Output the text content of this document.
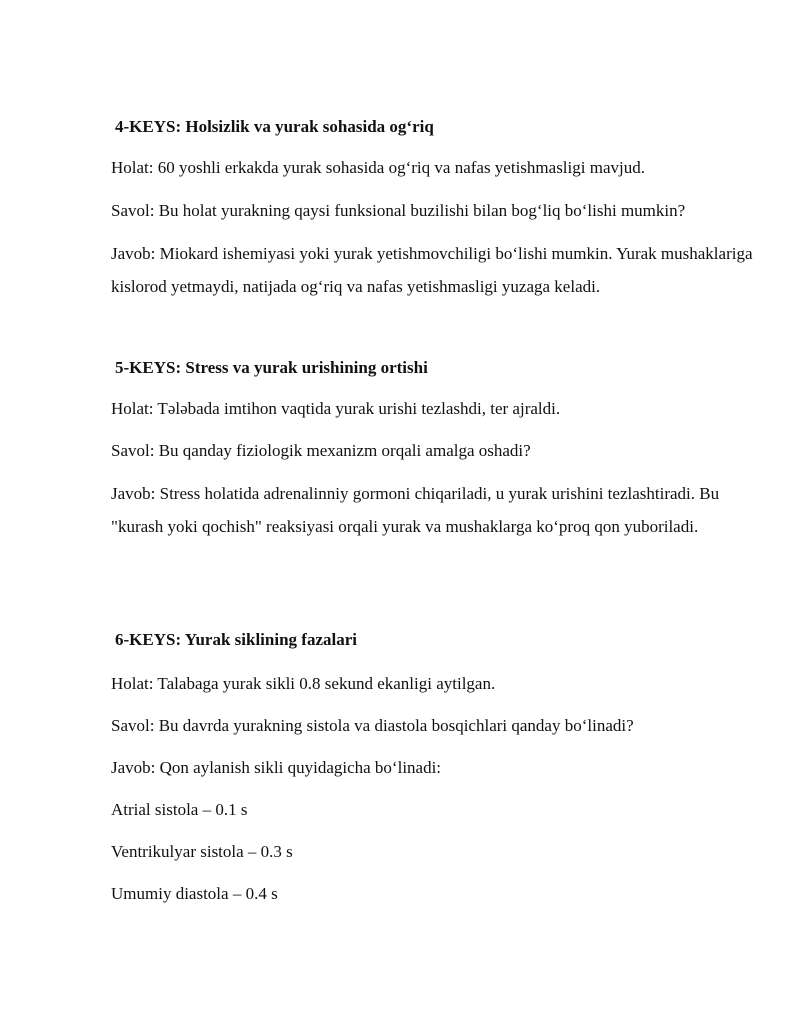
4-KEYS: Holsizlik va yurak sohasida og‘riq
Holat: 60 yoshli erkakda yurak sohasida og‘riq va nafas yetishmasligi mavjud.
Savol: Bu holat yurakning qaysi funksional buzilishi bilan bog‘liq bo‘lishi mumkin?
Javob: Miokard ishemiyasi yoki yurak yetishmovchiligi bo‘lishi mumkin. Yurak mushaklariga kislorod yetmaydi, natijada og‘riq va nafas yetishmasligi yuzaga keladi.
5-KEYS: Stress va yurak urishining ortishi
Holat: Tələbada imtihon vaqtida yurak urishi tezlashdi, ter ajraldi.
Savol: Bu qanday fiziologik mexanizm orqali amalga oshadi?
Javob: Stress holatida adrenalinniy gormoni chiqariladi, u yurak urishini tezlashtiradi. Bu "kurash yoki qochish" reaksiyasi orqali yurak va mushaklarga ko‘proq qon yuboriladi.
6-KEYS: Yurak siklining fazalari
Holat: Talabaga yurak sikli 0.8 sekund ekanligi aytilgan.
Savol: Bu davrda yurakning sistola va diastola bosqichlari qanday bo‘linadi?
Javob: Qon aylanish sikli quyidagicha bo‘linadi:
Atrial sistola – 0.1 s
Ventrikulyar sistola – 0.3 s
Umumiy diastola – 0.4 s
